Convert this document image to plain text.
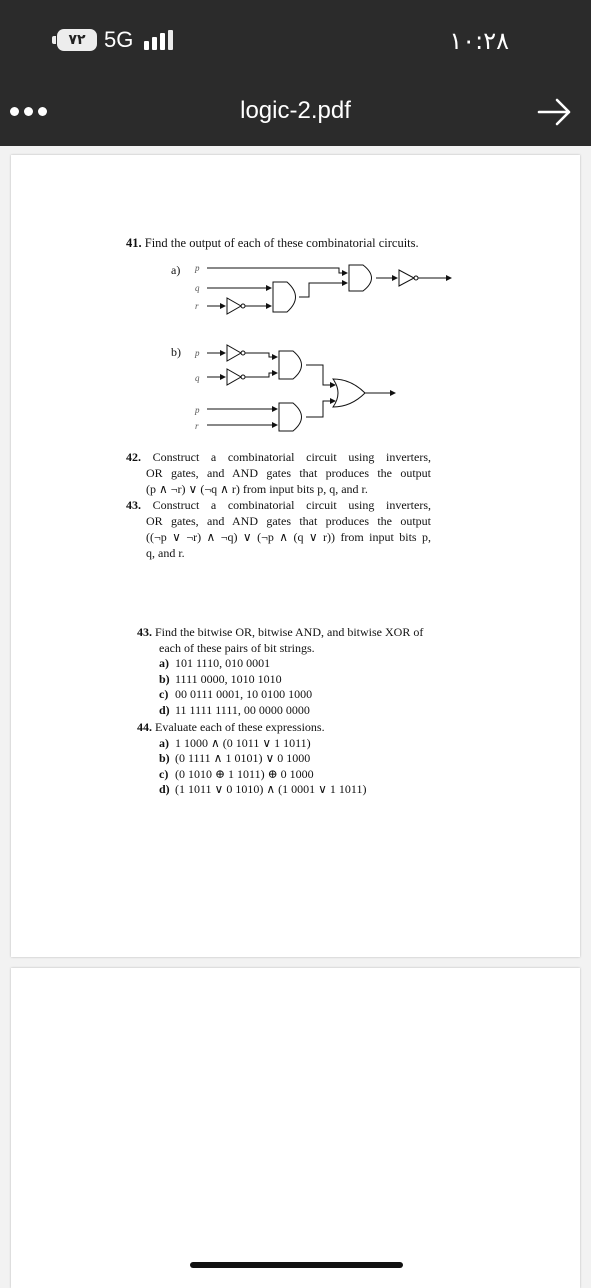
٧٢ 5G	١٠:٢٨
logic-2.pdf
41. Find the output of each of these combinatorial circuits.
a)
b)
p
q
r
p
q
p
r
42. Construct a combinatorial circuit using inverters,
OR gates, and AND gates that produces the output
(p ∧ ¬r) ∨ (¬q ∧ r) from input bits p, q, and r.
43. Construct a combinatorial circuit using inverters,
OR gates, and AND gates that produces the output
((¬p ∨ ¬r) ∧ ¬q) ∨ (¬p ∧ (q ∨ r)) from input bits p,
q, and r.
43. Find the bitwise OR, bitwise AND, and bitwise XOR of
each of these pairs of bit strings.
a) 101 1110, 010 0001
b) 1111 0000, 1010 1010
c) 00 0111 0001, 10 0100 1000
d) 11 1111 1111, 00 0000 0000
44. Evaluate each of these expressions.
a) 1 1000 ∧ (0 1011 ∨ 1 1011)
b) (0 1111 ∧ 1 0101) ∨ 0 1000
c) (0 1010 ⊕ 1 1011) ⊕ 0 1000
d) (1 1011 ∨ 0 1010) ∧ (1 0001 ∨ 1 1011)
